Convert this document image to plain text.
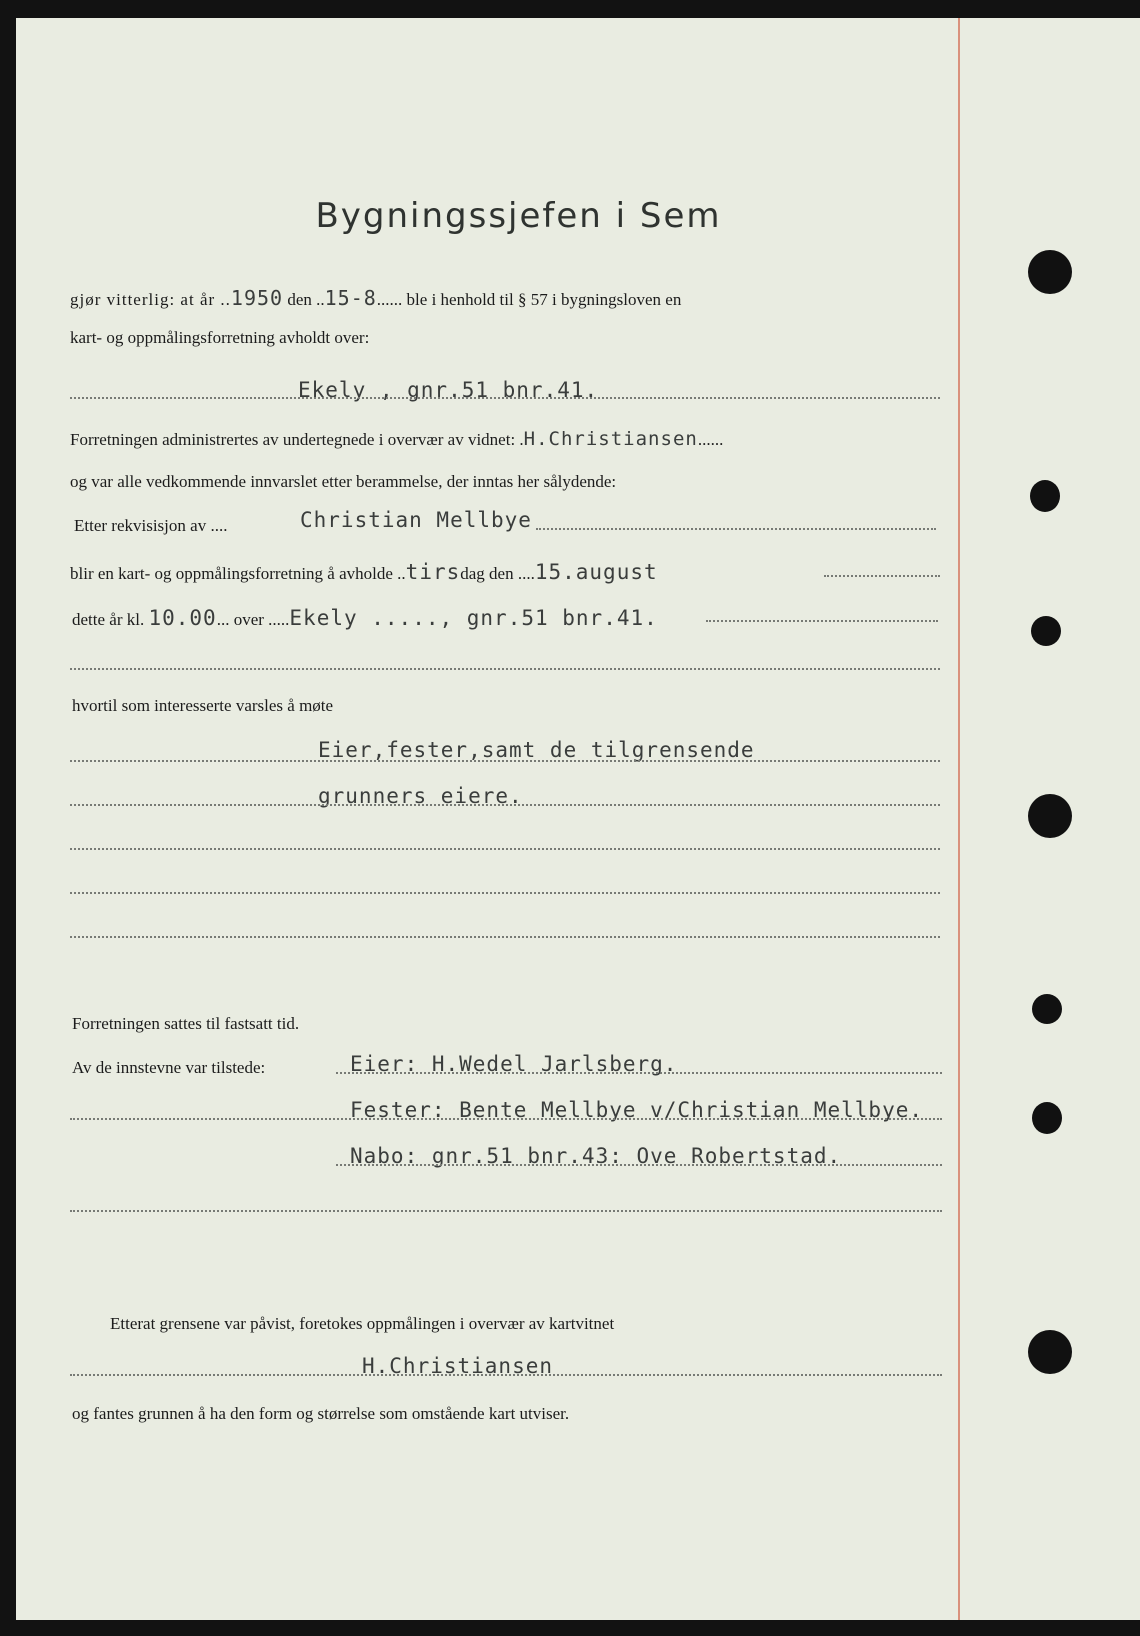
Bygningssjefen i Sem
gjør vitterlig: at år ..1950 den ..15-8...... ble i henhold til § 57 i bygningsloven en
kart- og oppmålingsforretning avholdt over:
Ekely , gnr.51 bnr.41.
Forretningen administrertes av undertegnede i overvær av vidnet: .H.Christiansen......
og var alle vedkommende innvarslet etter berammelse, der inntas her sålydende:
Etter rekvisisjon av ....	Christian Mellbye
blir en kart- og oppmålingsforretning å avholde ..tirsdag den ....15.august
dette år kl. 10.00... over .....Ekely ....., gnr.51 bnr.41.
hvortil som interesserte varsles å møte
Eier,fester,samt de tilgrensende
grunners eiere.
Forretningen sattes til fastsatt tid.
Av de innstevne var tilstede:	Eier: H.Wedel Jarlsberg.
Fester: Bente Mellbye v/Christian Mellbye.
Nabo: gnr.51 bnr.43: Ove Robertstad.
Etterat grensene var påvist, foretokes oppmålingen i overvær av kartvitnet
H.Christiansen
og fantes grunnen å ha den form og størrelse som omstående kart utviser.
